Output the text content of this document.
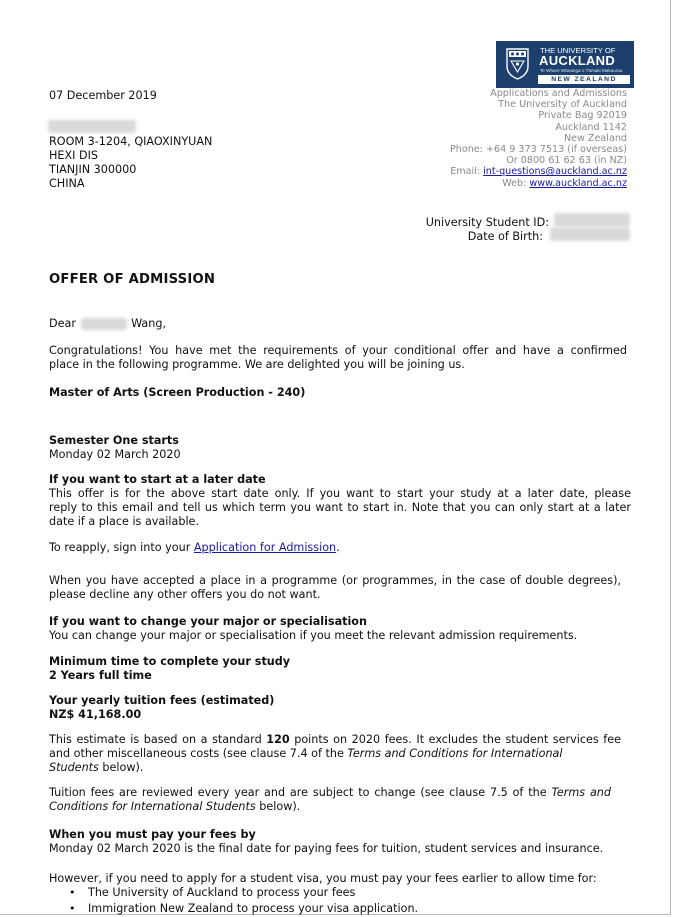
THE UNIVERSITY OF
AUCKLAND
Te Whare Wānanga o Tāmaki Makaurau
NEW ZEALAND
Applications and Admissions
The University of Auckland
Private Bag 92019
Auckland 1142
New Zealand
Phone: +64 9 373 7513 (if overseas)
Or 0800 61 62 63 (in NZ)
Email: int-questions@auckland.ac.nz
Web: www.auckland.ac.nz
07 December 2019
ROOM 3-1204, QIAOXINYUAN
HEXI DIS
TIANJIN 300000
CHINA
University Student ID:
Date of Birth:
OFFER OF ADMISSION
Dear	Wang,
Congratulations! You have met the requirements of your conditional offer and have a confirmed
place in the following programme. We are delighted you will be joining us.
Master of Arts (Screen Production - 240)
Semester One starts
Monday 02 March 2020
If you want to start at a later date
This offer is for the above start date only. If you want to start your study at a later date, please
reply to this email and tell us which term you want to start in. Note that you can only start at a later
date if a place is available.
To reapply, sign into your Application for Admission.
When you have accepted a place in a programme (or programmes, in the case of double degrees),
please decline any other offers you do not want.
If you want to change your major or specialisation
You can change your major or specialisation if you meet the relevant admission requirements.
Minimum time to complete your study
2 Years full time
Your yearly tuition fees (estimated)
NZ$ 41,168.00
This estimate is based on a standard 120 points on 2020 fees. It excludes the student services fee
and other miscellaneous costs (see clause 7.4 of the Terms and Conditions for International
Students below).
Tuition fees are reviewed every year and are subject to change (see clause 7.5 of the Terms and
Conditions for International Students below).
When you must pay your fees by
Monday 02 March 2020 is the final date for paying fees for tuition, student services and insurance.
However, if you need to apply for a student visa, you must pay your fees earlier to allow time for:
• The University of Auckland to process your fees
• Immigration New Zealand to process your visa application.
